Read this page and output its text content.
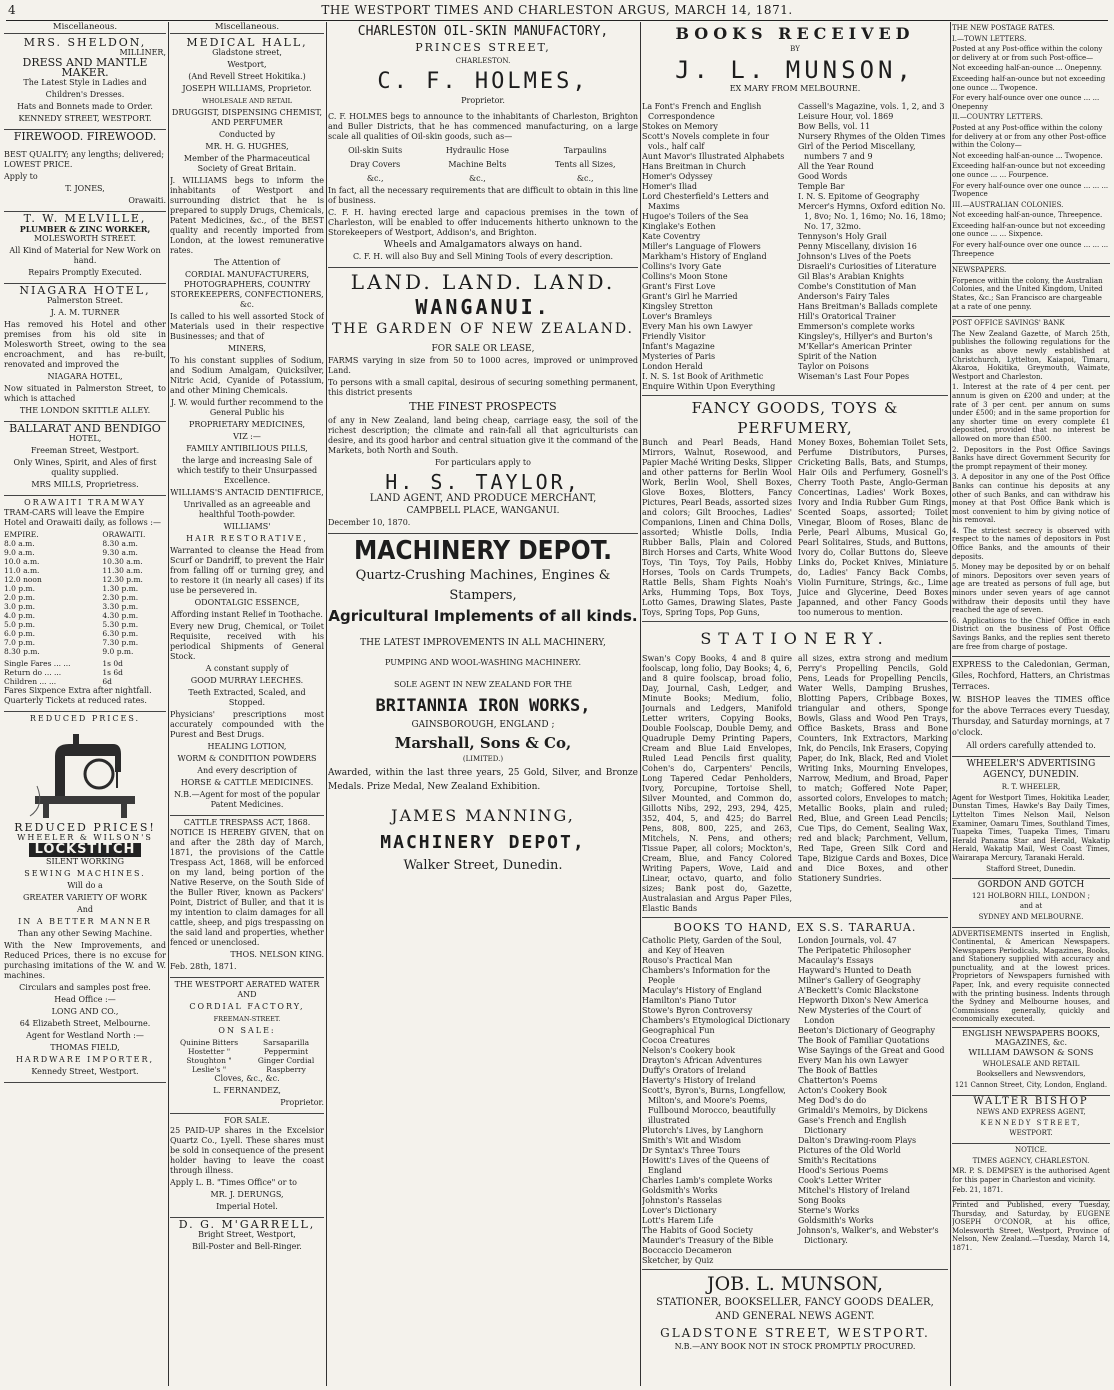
4	THE WESTPORT TIMES AND CHARLESTON ARGUS, MARCH 14, 1871.
Miscellaneous.
MRS. SHELDON,
MILLINER,
DRESS AND MANTLE MAKER.

The Latest Style in Ladies and

Children's Dresses.

Hats and Bonnets made to Order.

KENNEDY STREET, WESTPORT.

FIREWOOD. FIREWOOD.

BEST QUALITY; any lengths; delivered; LOWEST PRICE.

Apply to

T. JONES,

Orawaiti.

T. W. MELVILLE,
PLUMBER & ZINC WORKER,

MOLESWORTH STREET.

All Kind of Material for New Work on hand.

Repairs Promptly Executed.

NIAGARA HOTEL,

Palmerston Street.

J. A. M. TURNER

Has removed his Hotel and other premises from his old site in Molesworth Street, owing to the sea encroachment, and has re-built, renovated and improved the

NIAGARA HOTEL,

Now situated in Palmerston Street, to which is attached

THE LONDON SKITTLE ALLEY.

BALLARAT AND BENDIGO

HOTEL,

Freeman Street, Westport.

Only Wines, Spirit, and Ales of first quality supplied.

MRS MILLS, Proprietress.

ORAWAITI TRAMWAY

TRAM-CARS will leave the Empire Hotel and Orawaiti daily, as follows :—

EMPIRE.	ORAWAITI.
8.0 a.m.	8.30 a.m.
9.0 a.m.	9.30 a.m.
10.0 a.m.	10.30 a.m.
11.0 a.m.	11.30 a.m.
12.0 noon	12.30 p.m.
1.0 p.m.	1.30 p.m.
2.0 p.m.	2.30 p.m.
3.0 p.m.	3.30 p.m.
4.0 p.m.	4.30 p.m.
5.0 p.m.	5.30 p.m.
6.0 p.m.	6.30 p.m.
7.0 p.m.	7.30 p.m.
8.30 p.m.	9.0 p.m.
Single Fares ... ...	1s 0d
Return do ... ...	1s 6d
Children ... ...	6d

Fares Sixpence Extra after nightfall. Quarterly Tickets at reduced rates.

REDUCED PRICES.
REDUCED PRICES!
WHEELER & WILSON'S
LOCKSTITCH

SILENT WORKING

SEWING MACHINES.

Will do a

GREATER VARIETY OF WORK

And

IN A BETTER MANNER

Than any other Sewing Machine.

With the New Improvements, and Reduced Prices, there is no excuse for purchasing imitations of the W. and W. machines.

Circulars and samples post free.

Head Office :—

LONG AND CO.,

64 Elizabeth Street, Melbourne.

Agent for Westland North :—

THOMAS FIELD,

HARDWARE IMPORTER,

Kennedy Street, Westport.

Miscellaneous.
MEDICAL HALL,

Gladstone street,

Westport,

(And Revell Street Hokitika.)

JOSEPH WILLIAMS, Proprietor.

WHOLESALE AND RETAIL

DRUGGIST, DISPENSING CHEMIST, AND PERFUMER

Conducted by

MR. H. G. HUGHES,

Member of the Pharmaceutical Society of Great Britain.

J. WILLIAMS begs to inform the inhabitants of Westport and surrounding district that he is prepared to supply Drugs, Chemicals, Patent Medicines, &c., of the BEST quality and recently imported from London, at the lowest remunerative rates.

The Attention of

CORDIAL MANUFACTURERS, PHOTOGRAPHERS, COUNTRY STOREKEEPERS, CONFECTIONERS, &c.

Is called to his well assorted Stock of Materials used in their respective Businesses; and that of

MINERS,

To his constant supplies of Sodium, and Sodium Amalgam, Quicksilver, Nitric Acid, Cyanide of Potassium, and other Mining Chemicals.

J. W. would further recommend to the General Public his

PROPRIETARY MEDICINES,

VIZ :—

FAMILY ANTIBILIOUS PILLS,

the large and increasing Sale of which testify to their Unsurpassed Excellence.

WILLIAMS'S ANTACID DENTIFRICE,

Unrivalled as an agreeable and healthful Tooth-powder.

WILLIAMS'

HAIR RESTORATIVE,

Warranted to cleanse the Head from Scurf or Dandriff, to prevent the Hair from falling off or turning grey, and to restore it (in nearly all cases) if its use be persevered in.

ODONTALGIC ESSENCE,

Affording instant Relief in Toothache.

Every new Drug, Chemical, or Toilet Requisite, received with his periodical Shipments of General Stock.

A constant supply of

GOOD MURRAY LEECHES.

Teeth Extracted, Scaled, and Stopped.

Physicians' prescriptions most accurately compounded with the Purest and Best Drugs.

HEALING LOTION,

WORM & CONDITION POWDERS

And every description of

HORSE & CATTLE MEDICINES.

N.B.—Agent for most of the popular Patent Medicines.

CATTLE TRESPASS ACT, 1868.

NOTICE IS HEREBY GIVEN, that on and after the 28th day of March, 1871, the provisions of the Cattle Trespass Act, 1868, will be enforced on my land, being portion of the Native Reserve, on the South Side of the Buller River, known as Packers' Point, District of Buller, and that it is my intention to claim damages for all cattle, sheep, and pigs trespassing on the said land and properties, whether fenced or unenclosed.

THOS. NELSON KING.

Feb. 28th, 1871.

THE WESTPORT AERATED WATER AND

CORDIAL FACTORY,

FREEMAN-STREET.

ON SALE:

Quinine Bitters	Sarsaparilla
Hostetter "	Peppermint
Stoughton "	Ginger Cordial
Leslie's "	Raspberry

Cloves, &c., &c.

L. FERNANDEZ,

Proprietor.

FOR SALE.

25 PAID-UP shares in the Excelsior Quartz Co., Lyell. These shares must be sold in consequence of the present holder having to leave the coast through illness.

Apply L. B. "Times Office" or to

MR. J. DERUNGS,

Imperial Hotel.

D. G. M'GARRELL,

Bright Street, Westport,

Bill-Poster and Bell-Ringer.

CHARLESTON OIL-SKIN MANUFACTORY,
PRINCES STREET,

CHARLESTON.

C. F. HOLMES,

Proprietor.

C. F. HOLMES begs to announce to the inhabitants of Charleston, Brighton and Buller Districts, that he has commenced manufacturing, on a large scale all qualities of Oil-skin goods, such as—

Oil-skin Suits	Hydraulic Hose	Tarpaulins
Dray Covers	Machine Belts	Tents all Sizes,
&c.,	&c.,	&c.,

In fact, all the necessary requirements that are difficult to obtain in this line of business.

C. F. H. having erected large and capacious premises in the town of Charleston, will be enabled to offer inducements hitherto unknown to the Storekeepers of Westport, Addison's, and Brighton.

Wheels and Amalgamators always on hand.

C. F. H. will also Buy and Sell Mining Tools of every description.

LAND. LAND. LAND.
WANGANUI.
THE GARDEN OF NEW ZEALAND.

FOR SALE OR LEASE,

FARMS varying in size from 50 to 1000 acres, improved or unimproved Land.

To persons with a small capital, desirous of securing something permanent, this district presents

THE FINEST PROSPECTS

of any in New Zealand, land being cheap, carriage easy, the soil of the richest description; the climate and rain-fall all that agriculturists can desire, and its good harbor and central situation give it the command of the Markets, both North and South.

For particulars apply to

H. S. TAYLOR,

LAND AGENT, AND PRODUCE MERCHANT,

CAMPBELL PLACE, WANGANUI.

December 10, 1870.

MACHINERY DEPOT.
Quartz-Crushing Machines, Engines & Stampers,
Agricultural Implements of all kinds.

THE LATEST IMPROVEMENTS IN ALL MACHINERY,

PUMPING AND WOOL-WASHING MACHINERY.

SOLE AGENT IN NEW ZEALAND FOR THE

BRITANNIA IRON WORKS,

GAINSBOROUGH, ENGLAND ;

Marshall, Sons & Co,

(LIMITED.)

Awarded, within the last three years, 25 Gold, Silver, and Bronze Medals. Prize Medal, New Zealand Exhibition.

JAMES MANNING,
MACHINERY DEPOT,
Walker Street, Dunedin.
BOOKS RECEIVED

BY

J. L. MUNSON,

EX MARY FROM MELBOURNE.

La Font's French and English Correspondence

Stokes on Memory

Scott's Novels complete in four vols., half calf

Aunt Mavor's Illustrated Alphabets

Hans Breitman in Church

Homer's Odyssey

Homer's Iliad

Lord Chesterfield's Letters and Maxims

Hugoe's Toilers of the Sea

Kinglake's Eothen

Kate Coventry

Miller's Language of Flowers

Markham's History of England

Collins's Ivory Gate

Collins's Moon Stone

Grant's First Love

Grant's Girl he Married

Kingsley Stretton

Lover's Bramleys

Every Man his own Lawyer

Friendly Visitor

Infant's Magazine

Mysteries of Paris

London Herald

I. N. S. 1st Book of Arithmetic

Enquire Within Upon Everything

Cassell's Magazine, vols. 1, 2, and 3

Leisure Hour, vol. 1869

Bow Bells, vol. 11

Nursery Rhymes of the Olden Times

Girl of the Period Miscellany, numbers 7 and 9

All the Year Round

Good Words

Temple Bar

I. N. S. Epitome of Geography

Mercer's Hymns, Oxford edition No. 1, 8vo; No. 1, 16mo; No. 16, 18mo; No. 17, 32mo.

Tennyson's Holy Grail

Penny Miscellany, division 16

Johnson's Lives of the Poets

Disraeli's Curiosities of Literature

Gil Blas's Arabian Knights

Combe's Constitution of Man

Anderson's Fairy Tales

Hans Breitman's Ballads complete

Hill's Oratorical Trainer

Emmerson's complete works

Kingsley's, Hillyer's and Burton's

M'Kellar's American Printer

Spirit of the Nation

Taylor on Poisons

Wiseman's Last Four Popes

FANCY GOODS, TOYS & PERFUMERY,
Bunch and Pearl Beads, Hand Mirrors, Walnut, Rosewood, and Papier Maché Writing Desks, Slipper and other patterns for Berlin Wool Work, Berlin Wool, Shell Boxes, Glove Boxes, Blotters, Fancy Pictures, Pearl Beads, assorted sizes and colors; Gilt Brooches, Ladies' Companions, Linen and China Dolls, assorted; Whistle Dolls, India Rubber Balls, Plain and Colored Birch Horses and Carts, White Wood Toys, Tin Toys, Toy Pails, Hobby Horses, Tools on Cards Trumpets, Rattle Bells, Sham Fights Noah's Arks, Humming Tops, Box Toys, Lotto Games, Drawing Slates, Paste Toys, Spring Tops, Pop Guns,
Money Boxes, Bohemian Toilet Sets, Perfume Distributors, Purses, Cricketing Balls, Bats, and Stumps, Hair Oils and Perfumery, Gosnell's Cherry Tooth Paste, Anglo-German Concertinas, Ladies' Work Boxes, Ivory and India Rubber Gum Rings, Scented Soaps, assorted; Toilet Vinegar, Bloom of Roses, Blanc de Perle, Pearl Albums, Musical Go, Pearl Solitaires, Studs, and Buttons, Ivory do, Collar Buttons do, Sleeve Links do, Pocket Knives, Miniature do, Ladies' Fancy Back Combs, Violin Furniture, Strings, &c., Lime Juice and Glycerine, Deed Boxes Japanned, and other Fancy Goods too numerous to mention.
STATIONERY.
Swan's Copy Books, 4 and 8 quire foolscap, long folio, Day Books; 4, 6, and 8 quire foolscap, broad folio, Day, Journal, Cash, Ledger, and Minute Books; Medium, folio, Journals and Ledgers, Manifold Letter writers, Copying Books, Double Foolscap, Double Demy, and Quadruple Demy Printing Papers, Cream and Blue Laid Envelopes, Ruled Lead Pencils first quality, Cohen's do, Carpenters' Pencils, Long Tapered Cedar Penholders, Ivory, Porcupine, Tortoise Shell, Silver Mounted, and Common do, Gillotts Nibs, 292, 293, 294, 425, 352, 404, 5, and 425; do Barrel Pens, 808, 800, 225, and 263, Mitchels, N. Pens, and others; Tissue Paper, all colors; Mockton's, Cream, Blue, and Fancy Colored Writing Papers, Wove, Laid and Linear, octavo, quarto, and folio sizes; Bank post do, Gazette, Australasian and Argus Paper Files, Elastic Bands
all sizes, extra strong and medium Perry's Propelling Pencils, Gold Pens, Leads for Propelling Pencils, Water Wells, Damping Brushes, Blotting Papers, Cribbage Boxes, triangular and others, Sponge Bowls, Glass and Wood Pen Trays, Office Baskets, Brass and Bone Counters, Ink Extractors, Marking Ink, do Pencils, Ink Erasers, Copying Paper, do Ink, Black, Red and Violet Writing Inks, Mourning Envelopes, Narrow, Medium, and Broad, Paper to match; Goffered Note Paper, assorted colors, Envelopes to match; Metallic Books, plain and ruled; Red, Blue, and Green Lead Pencils; Cue Tips, do Cement, Sealing Wax, red and black; Parchment, Vellum, Red Tape, Green Silk Cord and Tape, Bizigue Cards and Boxes, Dice and Dice Boxes, and other Stationery Sundries.
BOOKS TO HAND, EX S.S. TARARUA.

Catholic Piety, Garden of the Soul, and Key of Heaven

Rouso's Practical Man

Chambers's Information for the People

Maculay's History of England

Hamilton's Piano Tutor

Stowe's Byron Controversy

Chambers's Etymological Dictionary

Geographical Fun

Cocoa Creatures

Nelson's Cookery book

Drayton's African Adventures

Duffy's Orators of Ireland

Haverty's History of Ireland

Scott's, Byron's, Burns, Longfellow, Milton's, and Moore's Poems, Fullbound Morocco, beautifully illustrated

Plutorch's Lives, by Langhorn

Smith's Wit and Wisdom

Dr Syntax's Three Tours

Howitt's Lives of the Queens of England

Charles Lamb's complete Works

Goldsmith's Works

Johnston's Rasselas

Lover's Dictionary

Lott's Harem Life

The Habits of Good Society

Maunder's Treasury of the Bible

Boccaccio Decameron

Sketcher, by Quiz

London Journals, vol. 47

The Peripatetic Philosopher

Macaulay's Essays

Hayward's Hunted to Death

Milner's Gallery of Geography

A'Beckett's Comic Blackstone

Hepworth Dixon's New America

New Mysteries of the Court of London

Beeton's Dictionary of Geography

The Book of Familiar Quotations

Wise Sayings of the Great and Good

Every Man his own Lawyer

The Book of Battles

Chatterton's Poems

Acton's Cookery Book

Meg Dod's do do

Grimaldi's Memoirs, by Dickens

Gase's French and English Dictionary

Dalton's Drawing-room Plays

Pictures of the Old World

Smith's Recitations

Hood's Serious Poems

Cook's Letter Writer

Mitchel's History of Ireland

Song Books

Sterne's Works

Goldsmith's Works

Johnson's, Walker's, and Webster's Dictionary.

JOB. L. MUNSON,
STATIONER, BOOKSELLER, FANCY GOODS DEALER,
AND GENERAL NEWS AGENT.
GLADSTONE STREET, WESTPORT.
N.B.—ANY BOOK NOT IN STOCK PROMPTLY PROCURED.

THE NEW POSTAGE RATES.

I.—TOWN LETTERS.

Posted at any Post-office within the colony or delivery at or from such Post-office—

Not exceeding half-an-ounce ... Onepenny.

Exceeding half-an-ounce but not exceeding one ounce ... Twopence.

For every half-ounce over one ounce ... ... Onepenny

II.—COUNTRY LETTERS.

Posted at any Post-office within the colony for delivery at or from any other Post-office within the Colony—

Not exceeding half-an-ounce ... Twopence.

Exceeding half-an-ounce but not exceeding one ounce ... ... Fourpence.

For every half-ounce over one ounce ... ... ... Twopence

III.—AUSTRALIAN COLONIES.

Not exceeding half-an-ounce, Threepence.

Exceeding half-an-ounce but not exceeding one ounce ... ... Sixpence.

For every half-ounce over one ounce ... ... ... Threepence

NEWSPAPERS.

Forpence within the colony, the Australian Colonies, and the United Kingdom, United States, &c.; San Francisco are chargeable at a rate of one penny.

POST OFFICE SAVINGS' BANK

The New Zealand Gazette, of March 25th, publishes the following regulations for the banks as above newly established at Christchurch, Lyttelton, Kaiapoi, Timaru, Akaroa, Hokitika, Greymouth, Waimate, Westport and Charleston.

1. Interest at the rate of 4 per cent. per annum is given on £200 and under; at the rate of 3 per cent. per annum on sums under £500; and in the same proportion for any shorter time on every complete £1 deposited, provided that no interest be allowed on more than £500.

2. Depositors in the Post Office Savings Banks have direct Government Security for the prompt repayment of their money.

3. A depositor in any one of the Post Office Banks can continue his deposits at any other of such Banks, and can withdraw his money at that Post Office Bank which is most convenient to him by giving notice of his removal.

4. The strictest secrecy is observed with respect to the names of depositors in Post Office Banks, and the amounts of their deposits.

5. Money may be deposited by or on behalf of minors. Depositors over seven years of age are treated as persons of full age, but minors under seven years of age cannot withdraw their deposits until they have reached the age of seven.

6. Applications to the Chief Office in each District on the business of Post Office Savings Banks, and the replies sent thereto are free from charge of postage.

EXPRESS to the Caledonian, German, Giles, Rochford, Hatters, an Christmas Terraces.

W. BISHOP leaves the TIMES office for the above Terraces every Tuesday, Thursday, and Saturday mornings, at 7 o'clock.

All orders carefully attended to.

WHEELER'S ADVERTISING AGENCY, DUNEDIN.

R. T. WHEELER,

Agent for Westport Times, Hokitika Leader, Dunstan Times, Hawke's Bay Daily Times, Lyttelton Times Nelson Mail, Nelson Examiner, Oamaru Times, Southland Times, Tuapeka Times, Tuapeka Times, Timaru Herald Panama Star and Herald, Wakatip Herald, Wakatip Mail, West Coast Times, Wairarapa Mercury, Taranaki Herald.

Stafford Street, Dunedin.

GORDON AND GOTCH

121 HOLBORN HILL, LONDON ;

and at

SYDNEY AND MELBOURNE.

ADVERTISEMENTS inserted in English, Continental, & American Newspapers. Newspapers Periodicals, Magazines, Books, and Stationery supplied with accuracy and punctuality, and at the lowest prices. Proprietors of Newspapers furnished with Paper, Ink, and every requisite connected with the printing business. Indents through the Sydney and Melbourne houses, and Commissions generally, quickly and economically executed.

ENGLISH NEWSPAPERS BOOKS, MAGAZINES, &c.

WILLIAM DAWSON & SONS

WHOLESALE AND RETAIL

Booksellers and Newsvendors,

121 Cannon Street, City, London, England.

WALTER BISHOP

NEWS AND EXPRESS AGENT,

KENNEDY STREET,

WESTPORT.

NOTICE.

TIMES AGENCY, CHARLESTON.

MR. P. S. DEMPSEY is the authorised Agent for this paper in Charleston and vicinity.

Feb. 21, 1871.

Printed and Published, every Tuesday, Thursday, and Saturday, by EUGENE JOSEPH O'CONOR, at his office, Molesworth Street, Westport, Province of Nelson, New Zealand.—Tuesday, March 14, 1871.
